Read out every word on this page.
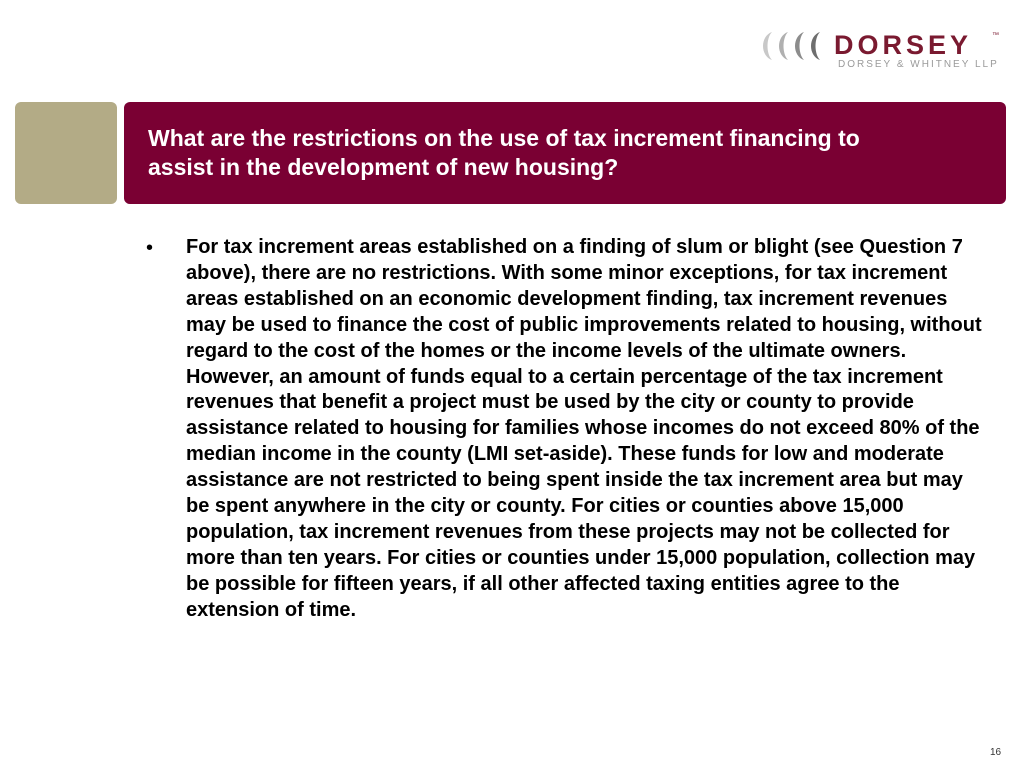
DORSEY	™
DORSEY & WHITNEY LLP
What are the restrictions on the use of tax increment financing to assist in the development of new housing?
• For tax increment areas established on a finding of slum or blight (see Question 7 above), there are no restrictions. With some minor exceptions, for tax increment areas established on an economic development finding, tax increment revenues may be used to finance the cost of public improvements related to housing, without regard to the cost of the homes or the income levels of the ultimate owners. However, an amount of funds equal to a certain percentage of the tax increment revenues that benefit a project must be used by the city or county to provide assistance related to housing for families whose incomes do not exceed 80% of the median income in the county (LMI set-aside). These funds for low and moderate assistance are not restricted to being spent inside the tax increment area but may be spent anywhere in the city or county. For cities or counties above 15,000 population, tax increment revenues from these projects may not be collected for more than ten years. For cities or counties under 15,000 population, collection may be possible for fifteen years, if all other affected taxing entities agree to the extension of time.

16
